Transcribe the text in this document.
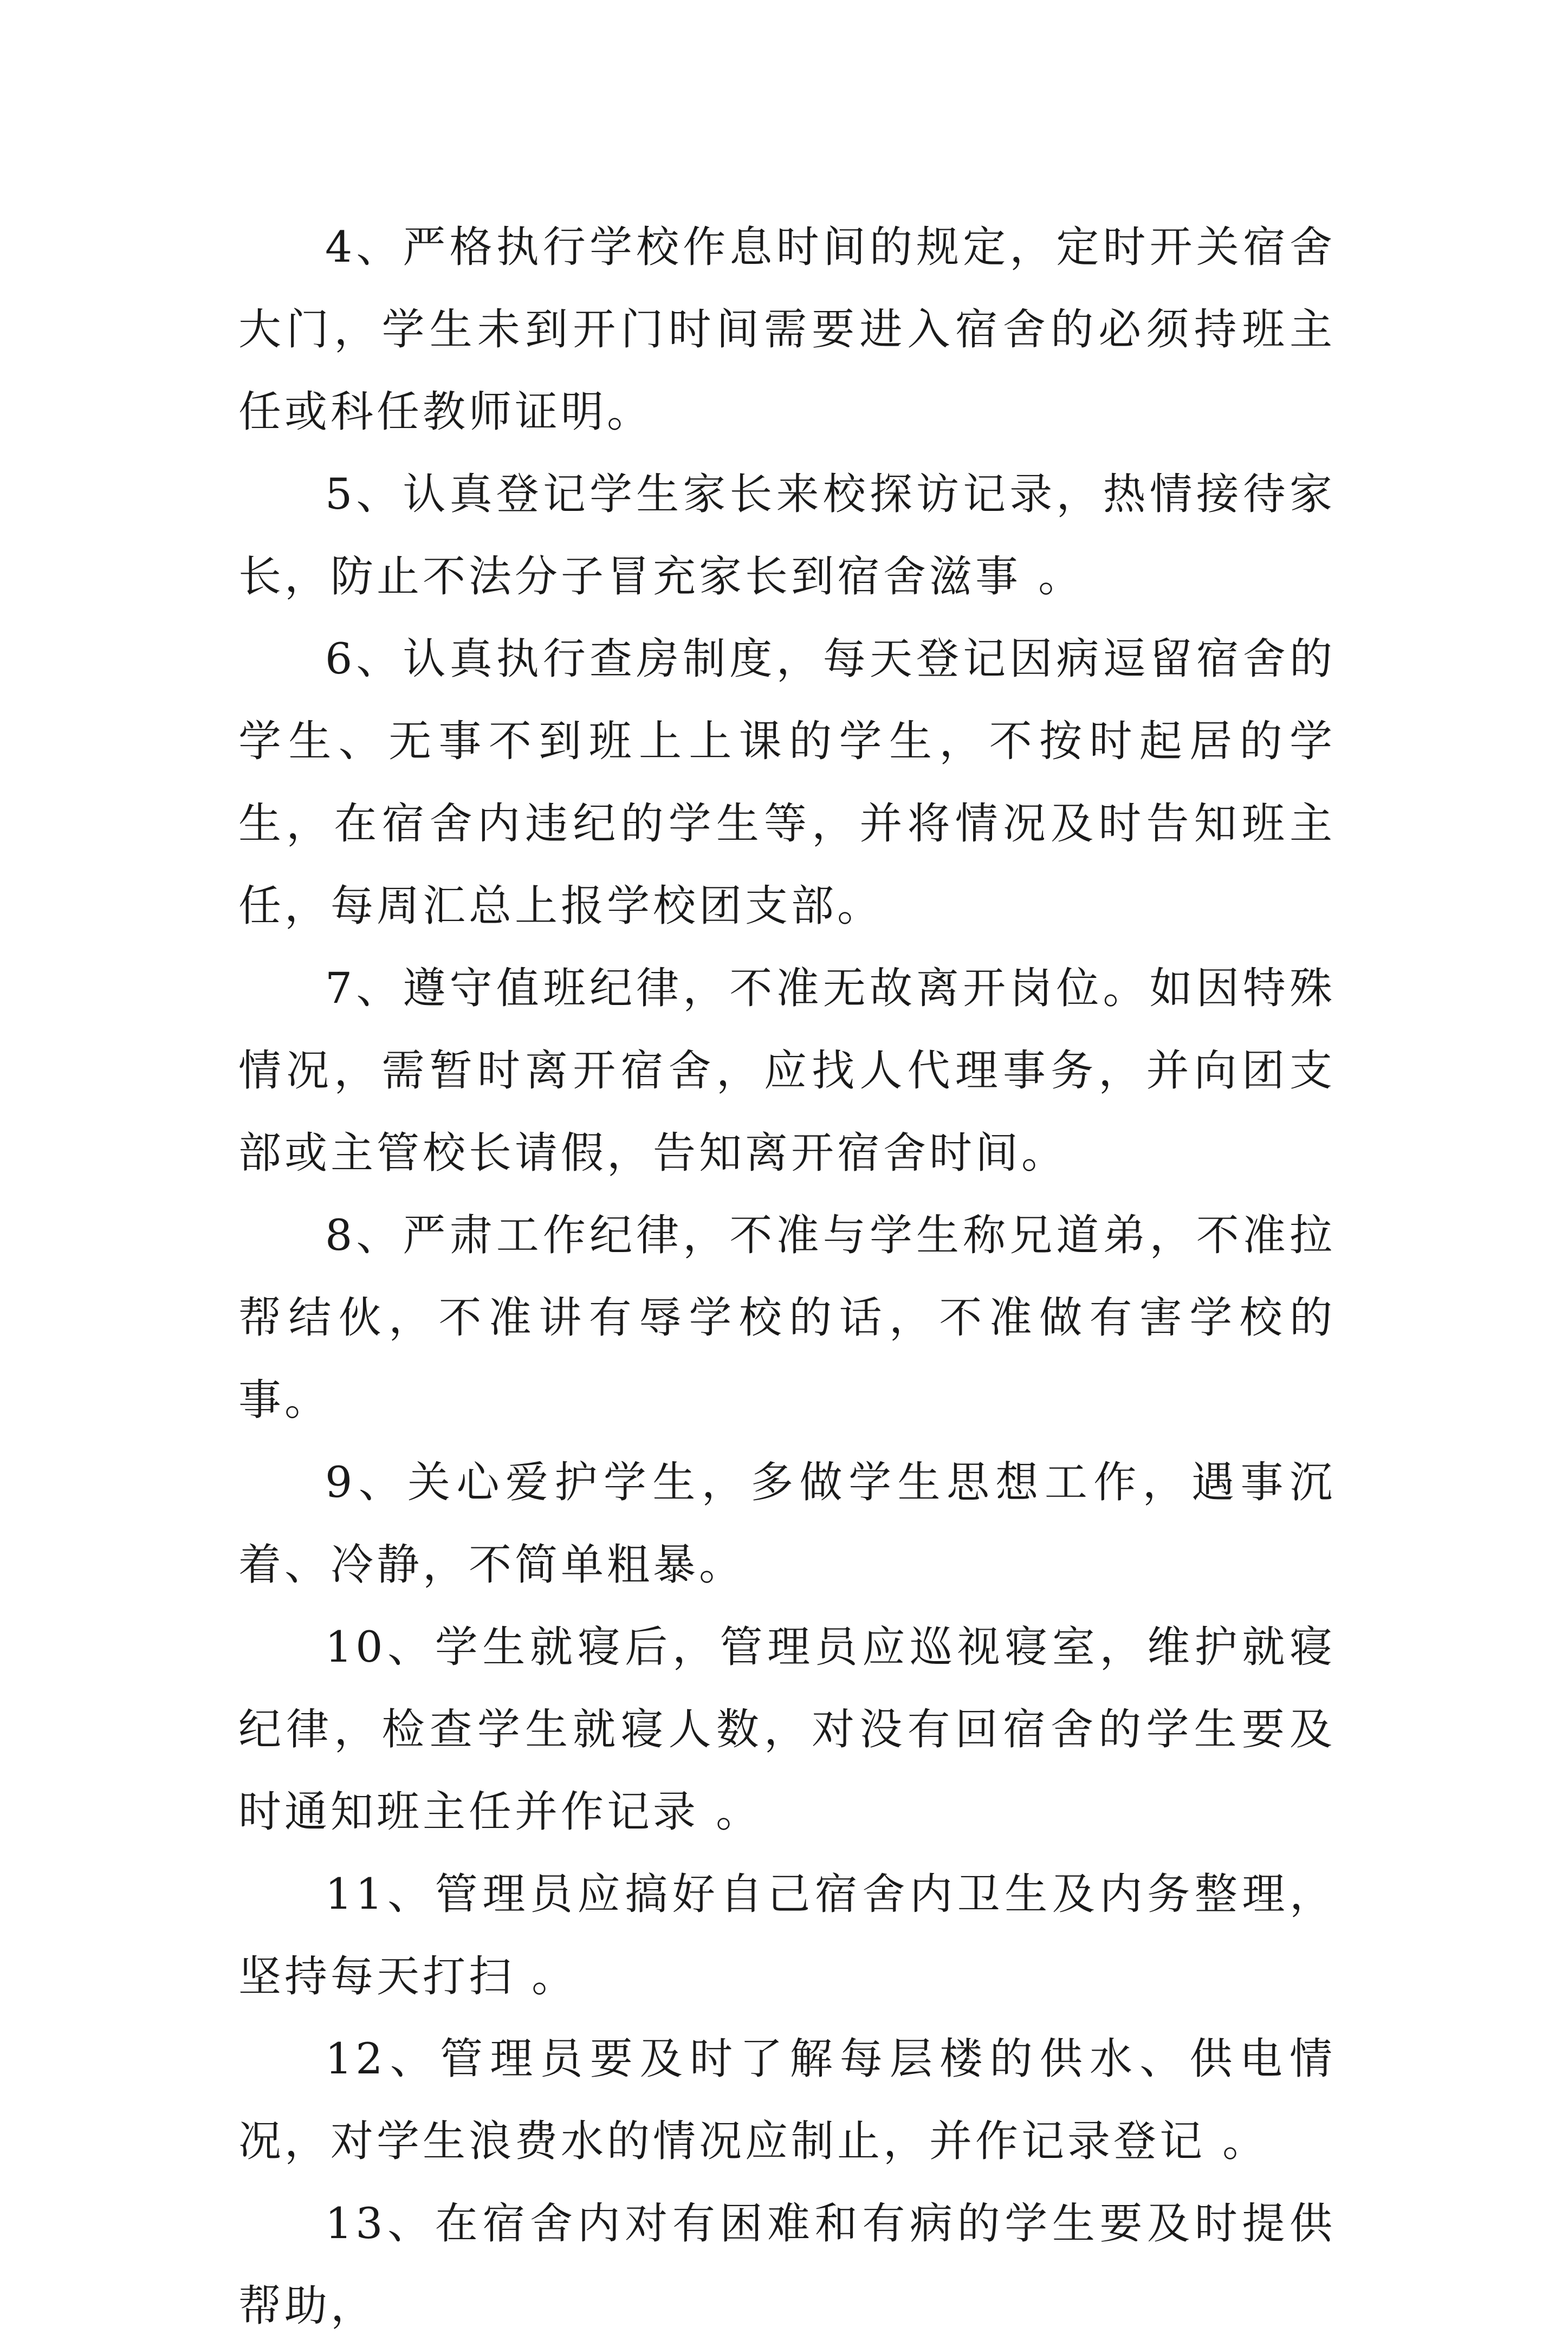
4、严格执行学校作息时间的规定，定时开关宿舍大门，学生未到开门时间需要进入宿舍的必须持班主任或科任教师证明。

5、认真登记学生家长来校探访记录，热情接待家长，防止不法分子冒充家长到宿舍滋事 。

6、认真执行查房制度，每天登记因病逗留宿舍的学生、无事不到班上上课的学生，不按时起居的学生，在宿舍内违纪的学生等，并将情况及时告知班主任，每周汇总上报学校团支部。

7、遵守值班纪律，不准无故离开岗位。如因特殊情况，需暂时离开宿舍，应找人代理事务，并向团支部或主管校长请假，告知离开宿舍时间。

8、严肃工作纪律，不准与学生称兄道弟，不准拉帮结伙，不准讲有辱学校的话，不准做有害学校的事。

9、关心爱护学生，多做学生思想工作，遇事沉着、冷静，不简单粗暴。

10、学生就寝后，管理员应巡视寝室，维护就寝纪律，检查学生就寝人数，对没有回宿舍的学生要及时通知班主任并作记录 。

11、管理员应搞好自己宿舍内卫生及内务整理，坚持每天打扫 。

12、管理员要及时了解每层楼的供水、供电情况，对学生浪费水的情况应制止，并作记录登记 。

13、在宿舍内对有困难和有病的学生要及时提供帮助，
